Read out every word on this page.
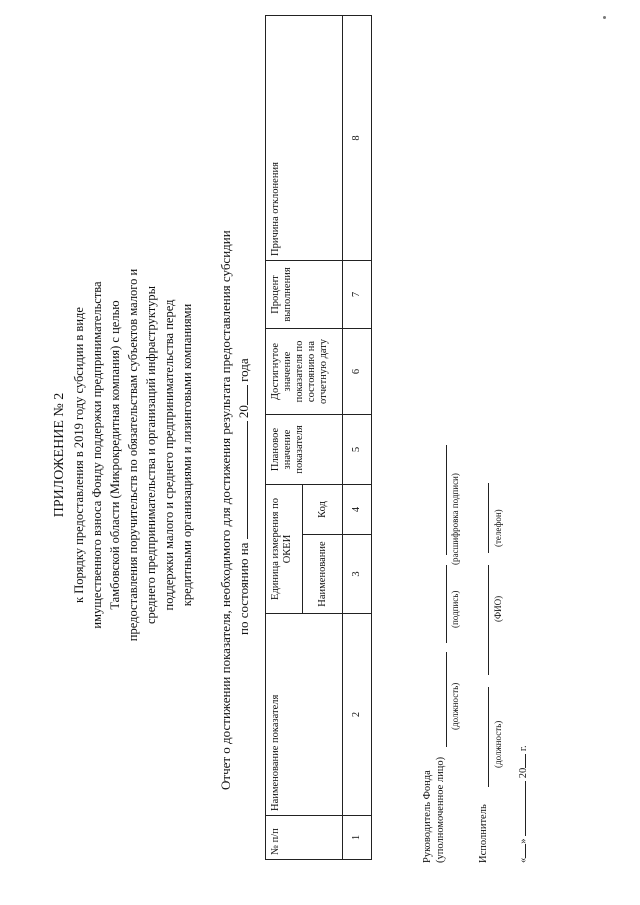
ПРИЛОЖЕНИЕ № 2 к Порядку предоставления в 2019 году субсидии в виде имущественного взноса Фонду поддержки предпринимательства Тамбовской области (Микрокредитная компания) с целью предоставления поручительств по обязательствам субъектов малого и среднего предпринимательства и организаций инфраструктуры поддержки малого и среднего предпринимательства перед кредитными организациями и лизинговыми компаниями Отчет о достижении показателя, необходимого для достижения результата предоставления субсидии по состоянию на  20 года
№ п/п	Наименование показателя	Единица измерения по ОКЕИ		Плановое значение показателя	Достигнутое значение показателя по состоянию на отчетную дату	Процент выполнения	Причина отклонения
		Наименование	Код				
1	2	3	4	5	6	7	8
Руководитель Фонда (уполномоченное лицо)
(должность)
(подпись)
(расшифровка подписи)
Исполнитель
(должность)
(ФИО)
(телефон)
«»  20 г.
